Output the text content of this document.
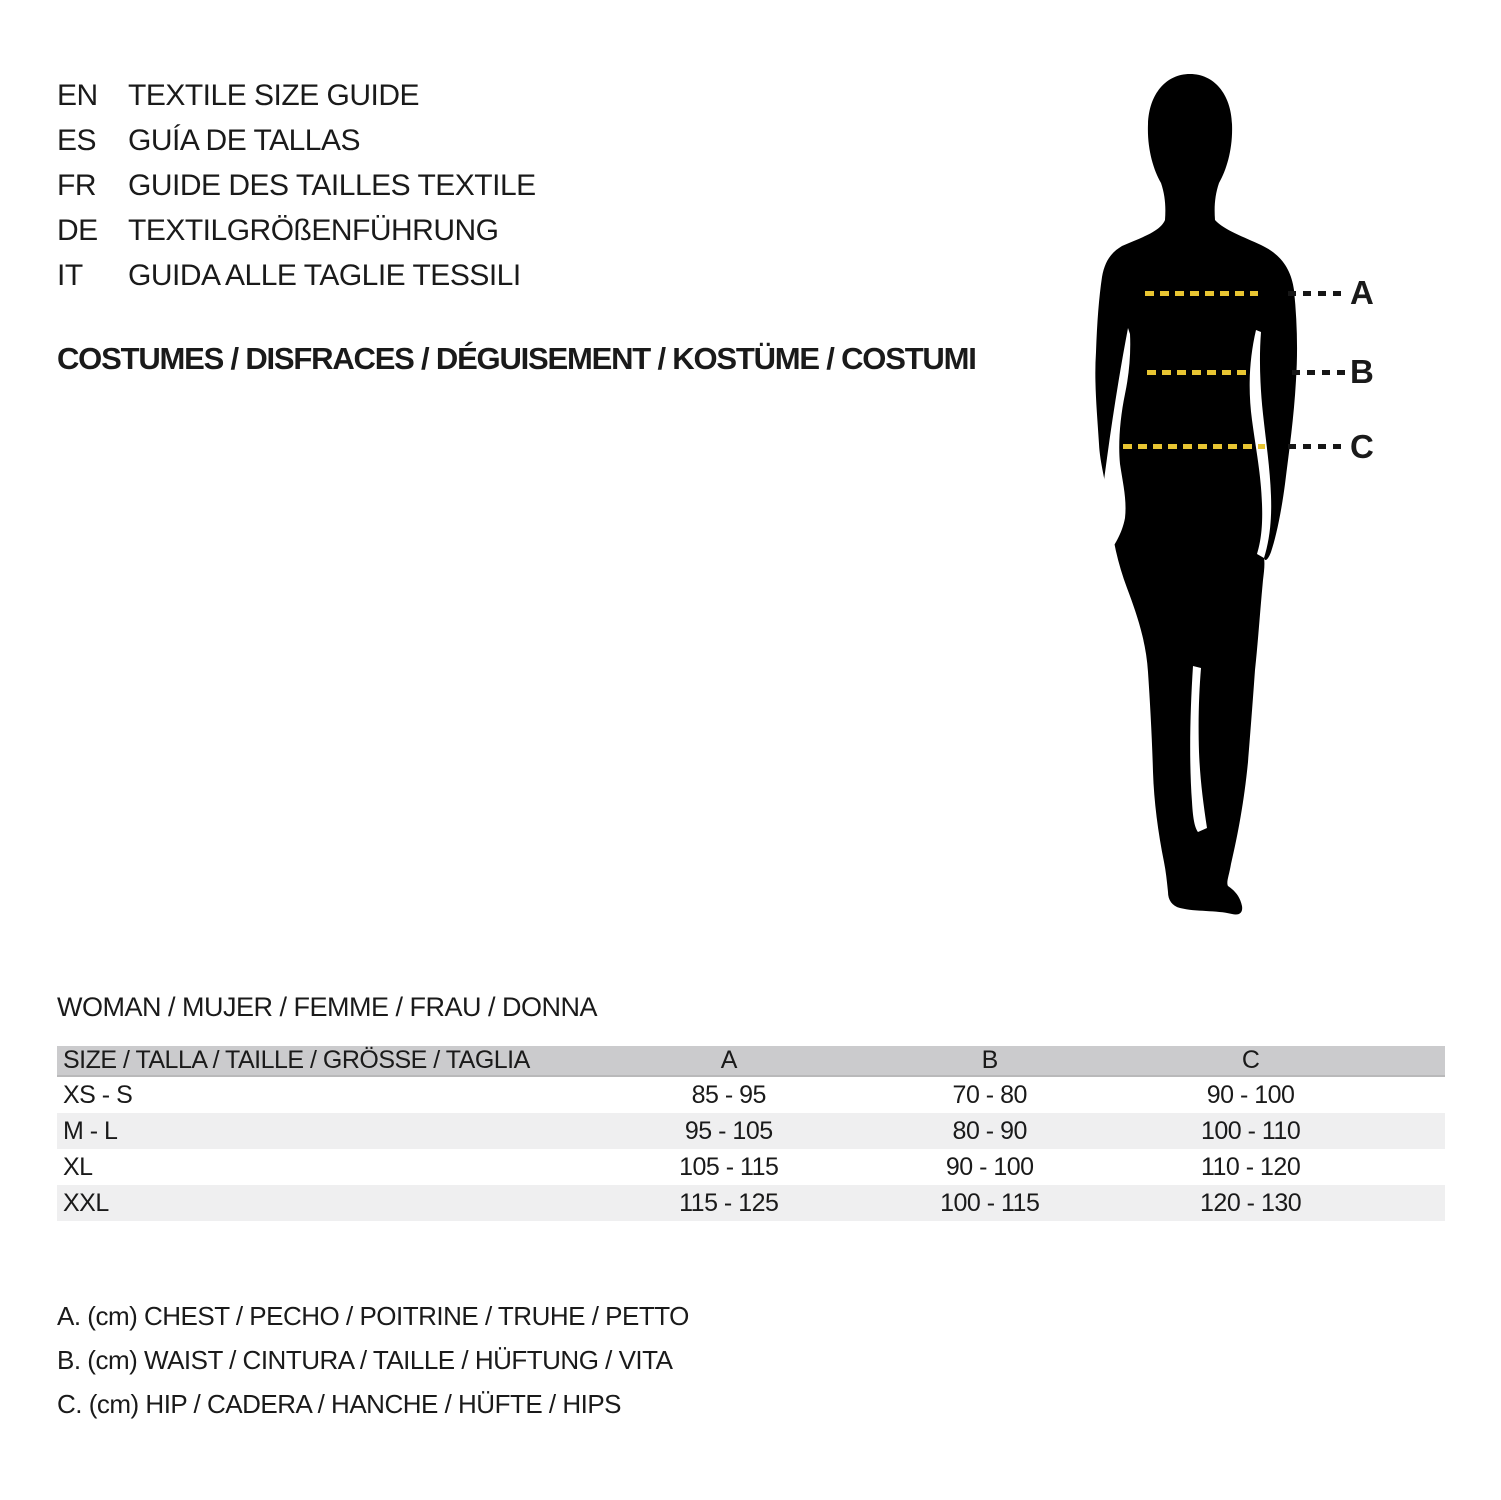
EN	TEXTILE SIZE GUIDE
ES	GUÍA DE TALLAS
FR	GUIDE DES TAILLES TEXTILE
DE	TEXTILGRÖßENFÜHRUNG
IT	GUIDA ALLE TAGLIE TESSILI
COSTUMES / DISFRACES / DÉGUISEMENT / KOSTÜME / COSTUMI
A
B
C
WOMAN / MUJER / FEMME / FRAU / DONNA
SIZE / TALLA / TAILLE / GRÖSSE / TAGLIA	A	B	C
XS - S	85 - 95	70 - 80	90 - 100
M - L	95 - 105	80 - 90	100 - 110
XL	105 - 115	90 - 100	110 - 120
XXL	115 - 125	100 - 115	120 - 130
A. (cm) CHEST / PECHO / POITRINE / TRUHE / PETTO
B. (cm) WAIST / CINTURA / TAILLE / HÜFTUNG / VITA
C. (cm) HIP / CADERA / HANCHE / HÜFTE / HIPS
